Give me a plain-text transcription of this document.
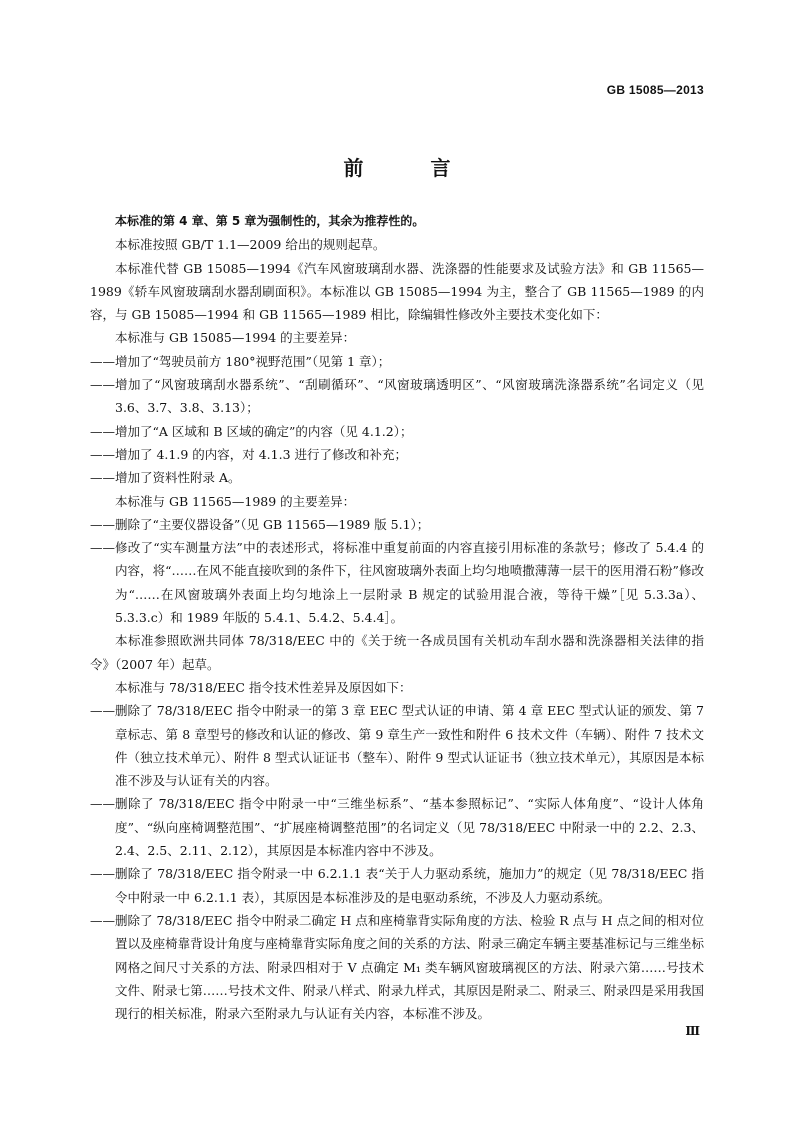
GB 15085—2013
前 言

本标准的第 4 章、第 5 章为强制性的，其余为推荐性的。

本标准按照 GB/T 1.1—2009 给出的规则起草。

本标准代替 GB 15085—1994《汽车风窗玻璃刮水器、洗涤器的性能要求及试验方法》和 GB 11565—1989《轿车风窗玻璃刮水器刮刷面积》。本标准以 GB 15085—1994 为主，整合了 GB 11565—1989 的内容，与 GB 15085—1994 和 GB 11565—1989 相比，除编辑性修改外主要技术变化如下：

本标准与 GB 15085—1994 的主要差异：

—— 增加了“驾驶员前方 180°视野范围”（见第 1 章）；

—— 增加了“风窗玻璃刮水器系统”、“刮刷循环”、“风窗玻璃透明区”、“风窗玻璃洗涤器系统”名词定义（见 3.6、3.7、3.8、3.13）；

—— 增加了“A 区域和 B 区域的确定”的内容（见 4.1.2）；

—— 增加了 4.1.9 的内容，对 4.1.3 进行了修改和补充；

—— 增加了资料性附录 A。

本标准与 GB 11565—1989 的主要差异：

—— 删除了“主要仪器设备”（见 GB 11565—1989 版 5.1）；

—— 修改了“实车测量方法”中的表述形式，将标准中重复前面的内容直接引用标准的条款号；修改了 5.4.4 的内容，将“……在风不能直接吹到的条件下，往风窗玻璃外表面上均匀地喷撒薄薄一层干的医用滑石粉”修改为“……在风窗玻璃外表面上均匀地涂上一层附录 B 规定的试验用混合液，等待干燥”［见 5.3.3a）、5.3.3.c）和 1989 年版的 5.4.1、5.4.2、5.4.4］。

本标准参照欧洲共同体 78/318/EEC 中的《关于统一各成员国有关机动车刮水器和洗涤器相关法律的指令》（2007 年）起草。

本标准与 78/318/EEC 指令技术性差异及原因如下：

—— 删除了 78/318/EEC 指令中附录一的第 3 章 EEC 型式认证的申请、第 4 章 EEC 型式认证的颁发、第 7 章标志、第 8 章型号的修改和认证的修改、第 9 章生产一致性和附件 6 技术文件（车辆）、附件 7 技术文件（独立技术单元）、附件 8 型式认证证书（整车）、附件 9 型式认证证书（独立技术单元），其原因是本标准不涉及与认证有关的内容。

—— 删除了 78/318/EEC 指令中附录一中“三维坐标系”、“基本参照标记”、“实际人体角度”、“设计人体角度”、“纵向座椅调整范围”、“扩展座椅调整范围”的名词定义（见 78/318/EEC 中附录一中的 2.2、2.3、2.4、2.5、2.11、2.12），其原因是本标准内容中不涉及。

—— 删除了 78/318/EEC 指令附录一中 6.2.1.1 表“关于人力驱动系统，施加力”的规定（见 78/318/EEC 指令中附录一中 6.2.1.1 表），其原因是本标准涉及的是电驱动系统，不涉及人力驱动系统。

—— 删除了 78/318/EEC 指令中附录二确定 H 点和座椅靠背实际角度的方法、检验 R 点与 H 点之间的相对位置以及座椅靠背设计角度与座椅靠背实际角度之间的关系的方法、附录三确定车辆主要基准标记与三维坐标网格之间尺寸关系的方法、附录四相对于 V 点确定 M₁ 类车辆风窗玻璃视区的方法、附录六第……号技术文件、附录七第……号技术文件、附录八样式、附录九样式，其原因是附录二、附录三、附录四是采用我国现行的相关标准，附录六至附录九与认证有关内容，本标准不涉及。

Ⅲ
